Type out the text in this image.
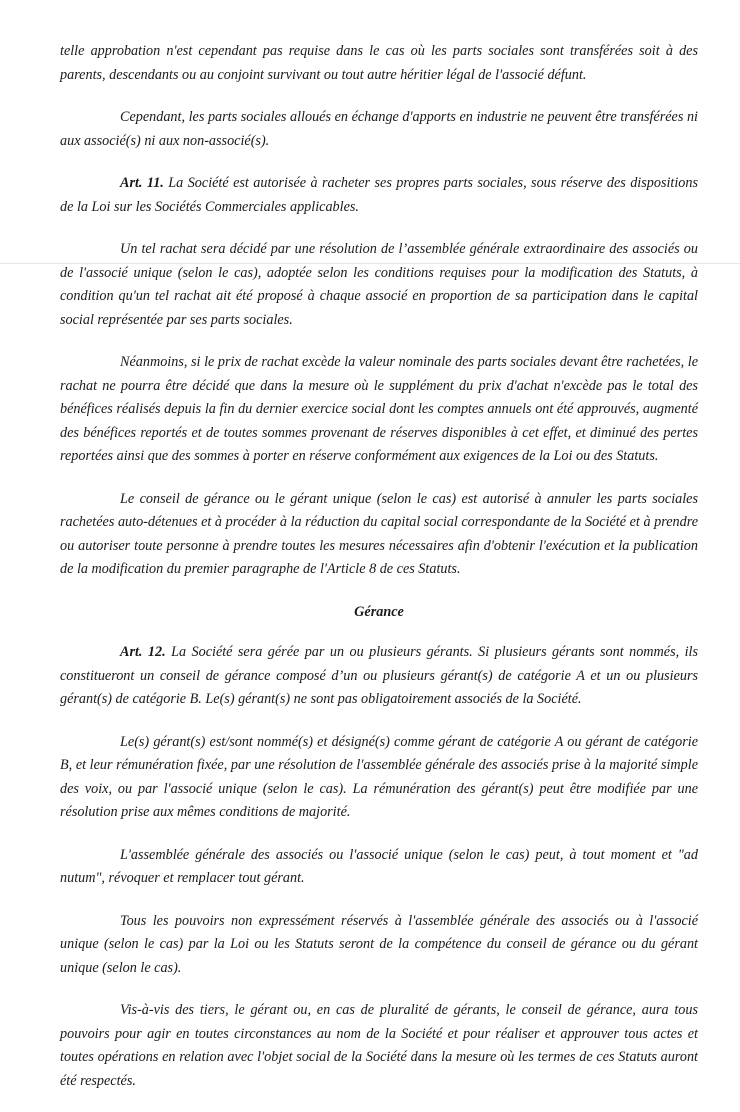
telle approbation n'est cependant pas requise dans le cas où les parts sociales sont transférées soit à des parents, descendants ou au conjoint survivant ou tout autre héritier légal de l'associé défunt.

Cependant, les parts sociales alloués en échange d'apports en industrie ne peuvent être transférées ni aux associé(s) ni aux non-associé(s).

Art. 11. La Société est autorisée à racheter ses propres parts sociales, sous réserve des dispositions de la Loi sur les Sociétés Commerciales applicables.

Un tel rachat sera décidé par une résolution de l’assemblée générale extraordinaire des associés ou de l'associé unique (selon le cas), adoptée selon les conditions requises pour la modification des Statuts, à condition qu'un tel rachat ait été proposé à chaque associé en proportion de sa participation dans le capital social représentée par ses parts sociales.

Néanmoins, si le prix de rachat excède la valeur nominale des parts sociales devant être rachetées, le rachat ne pourra être décidé que dans la mesure où le supplément du prix d'achat n'excède pas le total des bénéfices réalisés depuis la fin du dernier exercice social dont les comptes annuels ont été approuvés, augmenté des bénéfices reportés et de toutes sommes provenant de réserves disponibles à cet effet, et diminué des pertes reportées ainsi que des sommes à porter en réserve conformément aux exigences de la Loi ou des Statuts.

Le conseil de gérance ou le gérant unique (selon le cas) est autorisé à annuler les parts sociales rachetées auto-détenues et à procéder à la réduction du capital social correspondante de la Société et à prendre ou autoriser toute personne à prendre toutes les mesures nécessaires afin d'obtenir l'exécution et la publication de la modification du premier paragraphe de l'Article 8 de ces Statuts.

Gérance

Art. 12. La Société sera gérée par un ou plusieurs gérants. Si plusieurs gérants sont nommés, ils constitueront un conseil de gérance composé d’un ou plusieurs gérant(s) de catégorie A et un ou plusieurs gérant(s) de catégorie B. Le(s) gérant(s) ne sont pas obligatoirement associés de la Société.

Le(s) gérant(s) est/sont nommé(s) et désigné(s) comme gérant de catégorie A ou gérant de catégorie B, et leur rémunération fixée, par une résolution de l'assemblée générale des associés prise à la majorité simple des voix, ou par l'associé unique (selon le cas). La rémunération des gérant(s) peut être modifiée par une résolution prise aux mêmes conditions de majorité.

L'assemblée générale des associés ou l'associé unique (selon le cas) peut, à tout moment et "ad nutum", révoquer et remplacer tout gérant.

Tous les pouvoirs non expressément réservés à l'assemblée générale des associés ou à l'associé unique (selon le cas) par la Loi ou les Statuts seront de la compétence du conseil de gérance ou du gérant unique (selon le cas).

Vis-à-vis des tiers, le gérant ou, en cas de pluralité de gérants, le conseil de gérance, aura tous pouvoirs pour agir en toutes circonstances au nom de la Société et pour réaliser et approuver tous actes et toutes opérations en relation avec l'objet social de la Société dans la mesure où les termes de ces Statuts auront été respectés.
